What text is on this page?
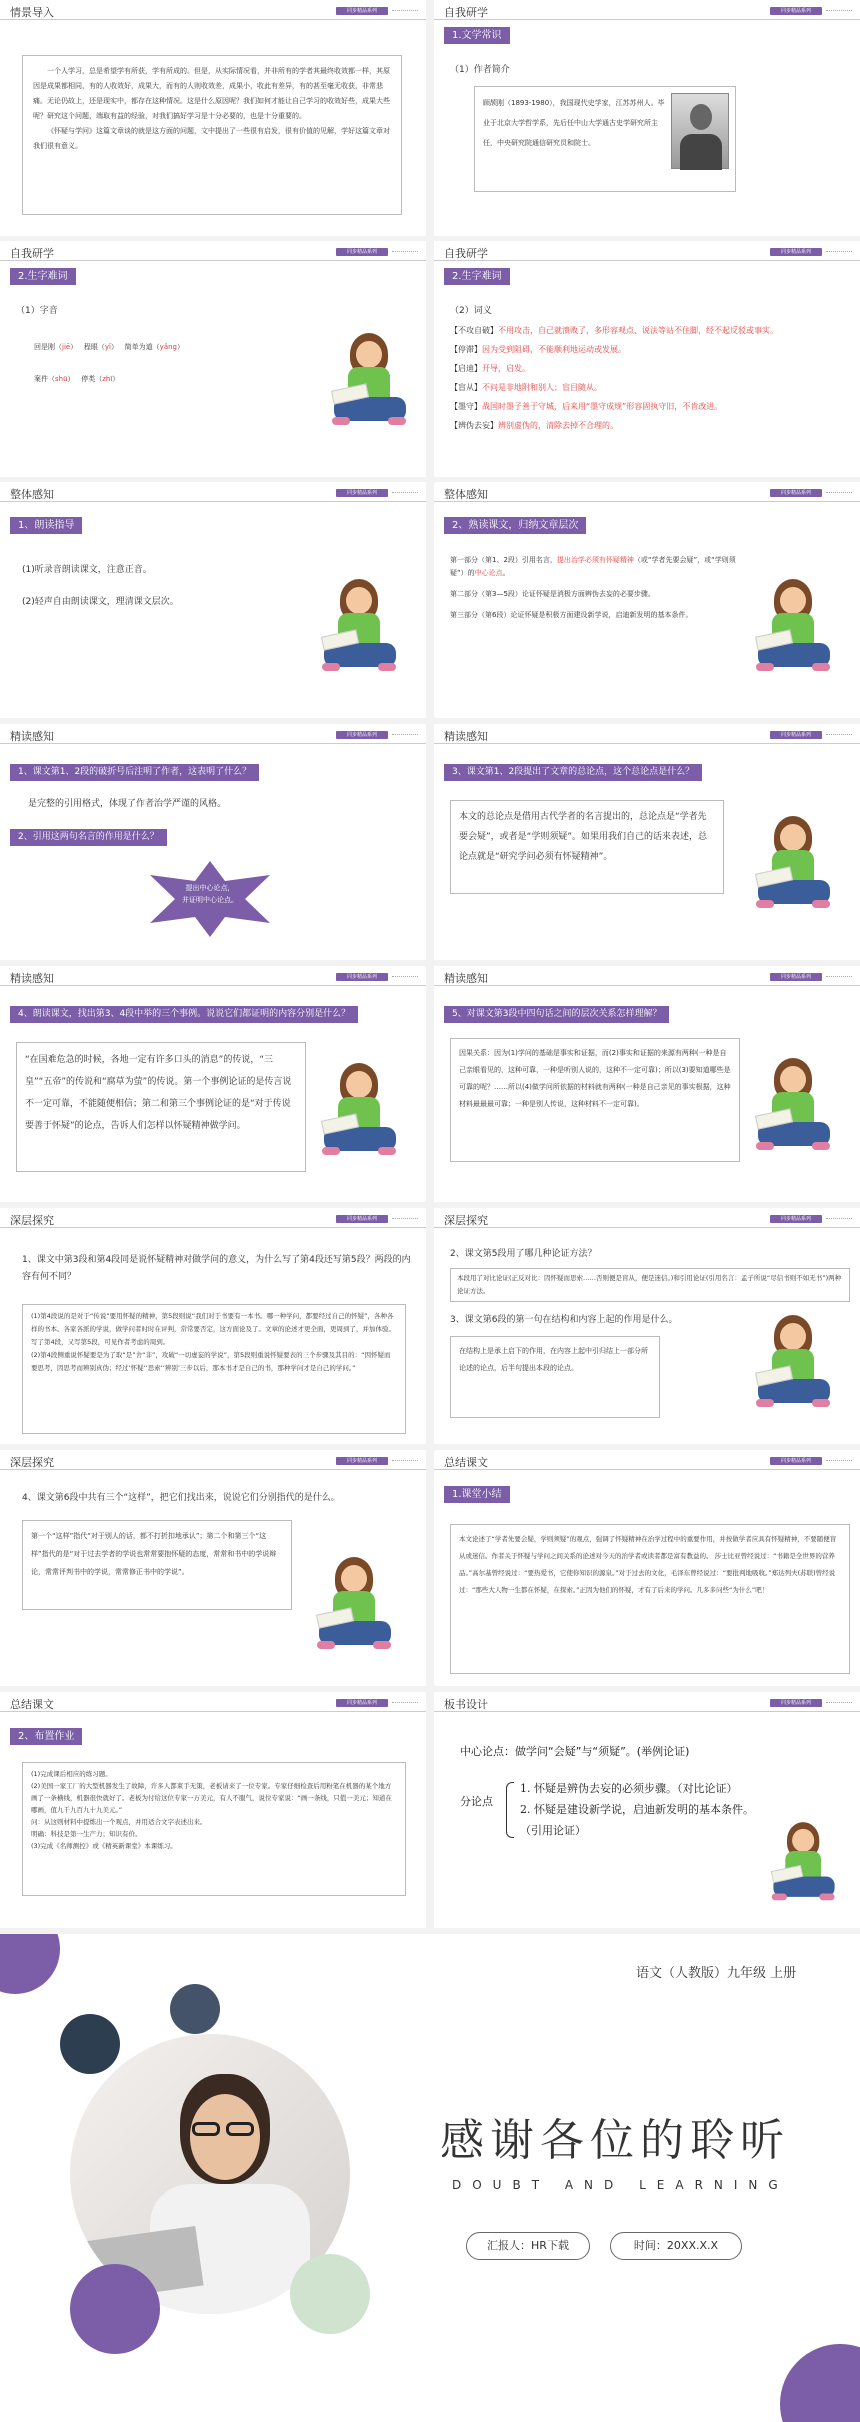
情景导入	同步精品系列

一个人学习，总是希望学有所获，学有所成的。但是，从实际情况看，并非所有的学者其最终收效都一样，其原因是成果都相同，有的人收效好，成果大，而有的人则收效差，成果小，收此有差异，有的甚至毫无收获，非常悲痛。无论仍故上，还是现实中，都存在这种情况。这是什么原因呢？我们如何才能让自己学习的收效好些，成果大些呢？研究这个问题，端取有益的经验，对我们搞好学习是十分必要的，也是十分重要的。

《怀疑与学问》这篇文章谈的就是这方面的问题，文中提出了一些很有启发，很有价值的见解，学好这篇文章对我们很有意义。

自我研学	同步精品系列
1.文学常识
（1）作者简介

顾颉刚（1893-1980），我国现代史学家，江苏苏州人。毕业于北京大学哲学系，先后任中山大学通古史学研究所主任，中央研究院通信研究员和院士。

自我研学	同步精品系列
2.生字难词
（1）字音
回是刚（jiē） 程眼（yǐ） 简单为道（yǎng）
案件（shū） 停类（zhī）
自我研学	同步精品系列
2.生字难词
（2）词义
【不攻自破】不用攻击，自己就溃败了，多形容观点、说法等站不住脚，经不起反驳或事实。
【停滞】因为受到阻碍，不能顺利地运动或发展。
【启迪】开导，启发。
【盲从】不问是非地附和别人；盲目随从。
【墨守】战国时墨子善于守城，后来用“墨守成规”形容固执守旧，不肯改进。
【辨伪去妄】辨别虚伪的，清除去掉不合理的。
整体感知	同步精品系列
1、朗读指导
(1)听录音朗读课文，注意正音。
(2)轻声自由朗读课文，理清课文层次。
整体感知	同步精品系列
2、熟读课文，归纳文章层次

第一部分（第1、2段）引用名言，提出治学必须有怀疑精神（或“学者先要会疑”，或“学则须疑”）的中心论点。

第二部分（第3—5段）论证怀疑是消极方面辨伪去妄的必要步骤。

第三部分（第6段）论证怀疑是积极方面建设新学说，启迪新发明的基本条件。

精读感知	同步精品系列
1、课文第1、2段的破折号后注明了作者，这表明了什么？
是完整的引用格式，体现了作者治学严谨的风格。
2、引用这两句名言的作用是什么？
提出中心论点，
并证明中心论点。
精读感知	同步精品系列
3、课文第1、2段提出了文章的总论点，这个总论点是什么？

本文的总论点是借用古代学者的名言提出的，总论点是“学者先要会疑”，或者是“学则须疑”。如果用我们自己的话来表述，总论点就是“研究学问必须有怀疑精神”。

精读感知	同步精品系列
4、朗读课文，找出第3、4段中举的三个事例。说说它们都证明的内容分别是什么？

“在国难危急的时候，各地一定有许多口头的消息”的传说，“三皇”“五帝”的传说和“腐草为萤”的传说。第一个事例论证的是传言说不一定可靠，不能随便相信；第二和第三个事例论证的是“对于传说要善于怀疑”的论点，告诉人们怎样以怀疑精神做学问。

精读感知	同步精品系列
5、对课文第3段中四句话之间的层次关系怎样理解？

因果关系：因为(1)学问的基础是事实和证据，而(2)事实和证据的来源有两种(一种是自己亲眼看见的，这种可靠，一种是听别人说的，这种不一定可靠)；所以(3)要知道哪些是可靠的呢？……所以(4)做学问所依据的材料就有两种(一种是自己亲见的事实根据，这种材料最最最可靠；一种是别人传说，这种材料不一定可靠)。

深层探究	同步精品系列
1、课文中第3段和第4段同是说怀疑精神对做学问的意义，为什么写了第4段还写第5段？两段的内容有何不同？

(1)第4段说的是对于“传说”要用怀疑的精神，第5段则说“我们对于书要有一本书。哪一种学问，都要经过自己的怀疑”，各种各样的书本。各家各派的学说，做学问者时时在评判，常常要否定，这方面论及了。文章的论述才更全面，更周到了，并加体验。写了第4段，又写第5段，可见作者考虑的周到。

(2)第4段侧重说怀疑要是为了取“是”舍“非”，攻破“一切虚妄的学说”，第5段则重说怀疑要表的三个步骤及其目的：“因怀疑而要思考，因思考而辨别真伪；经过‘怀疑’‘思索’‘辨别’三步以后，那本书才是自己的书，那种学问才是自己的学问。”

深层探究	同步精品系列
2、课文第5段用了哪几种论证方法？

本段用了对比论证(正反对比：因怀疑而思索……否则便是盲从，便是迷信。)和引用论证(引用名言：孟子所说“尽信书则不如无书”)两种论证方法。

3、课文第6段的第一句在结构和内容上起的作用是什么。

在结构上是承上启下的作用，在内容上起中引归结上一部分所论述的论点，后半句提出本段的论点。

深层探究	同步精品系列
4、课文第6段中共有三个“这样”，把它们找出来，说说它们分别指代的是什么。

第一个“这样”指代“对于别人的话，都不打折扣地承认”；第二个和第三个“这样”指代的是“对于过去学者的学说也常常要抱怀疑的态度，常常和书中的学说辩论，常常评判书中的学说，常常修正书中的学说”。

总结课文	同步精品系列
1.课堂小结

本文论述了“学者先要会疑，学则须疑”的观点，强调了怀疑精神在治学过程中的重要作用，并按做学者应具有怀疑精神，不要随便盲从或迷信。作者关于怀疑与学问之间关系的论述对今天的治学者或读者都是富有教益的。 莎士比亚曾经说过：“书籍是全世界的营养品。”高尔基曾经说过：“要热爱书，它使你知识的源泉。”对于过去的文化，毛泽东曾经说过：“要批判地吸收。”郑达列夫(苏联)曾经说过：“那些大人物一生都在怀疑，在探索。”正因为他们的怀疑，才有了后来的学问。几多多问些“为什么”吧！

总结课文	同步精品系列
2、布置作业

(1)完成课后相应的练习题。

(2)美国一家工厂的大型机器发生了故障，许多人都束手无策，老板请来了一位专家。专家仔细检查后用粉笔在机器的某个地方画了一条横线，机器很快就好了。老板为付给这位专家一万美元，有人不服气，说位专家说：“画一条线，只值一美元；知道在哪画，值九千九百九十九美元。”

问：从这则材料中提炼出一个观点，并用适合文字表述出来。

明确：科技是第一生产力；知识有价。

(3)完成《名师测控》或《精英新课堂》本课练习。

板书设计	同步精品系列
中心论点：做学问“会疑”与“须疑”。(举例论证)
分论点
1. 怀疑是辨伪去妄的必须步骤。（对比论证）
2. 怀疑是建设新学说，启迪新发明的基本条件。
（引用论证）
语文（人教版）九年级 上册
感谢各位的聆听
DOUBT AND LEARNING
汇报人：HR下载	时间：20XX.X.X
